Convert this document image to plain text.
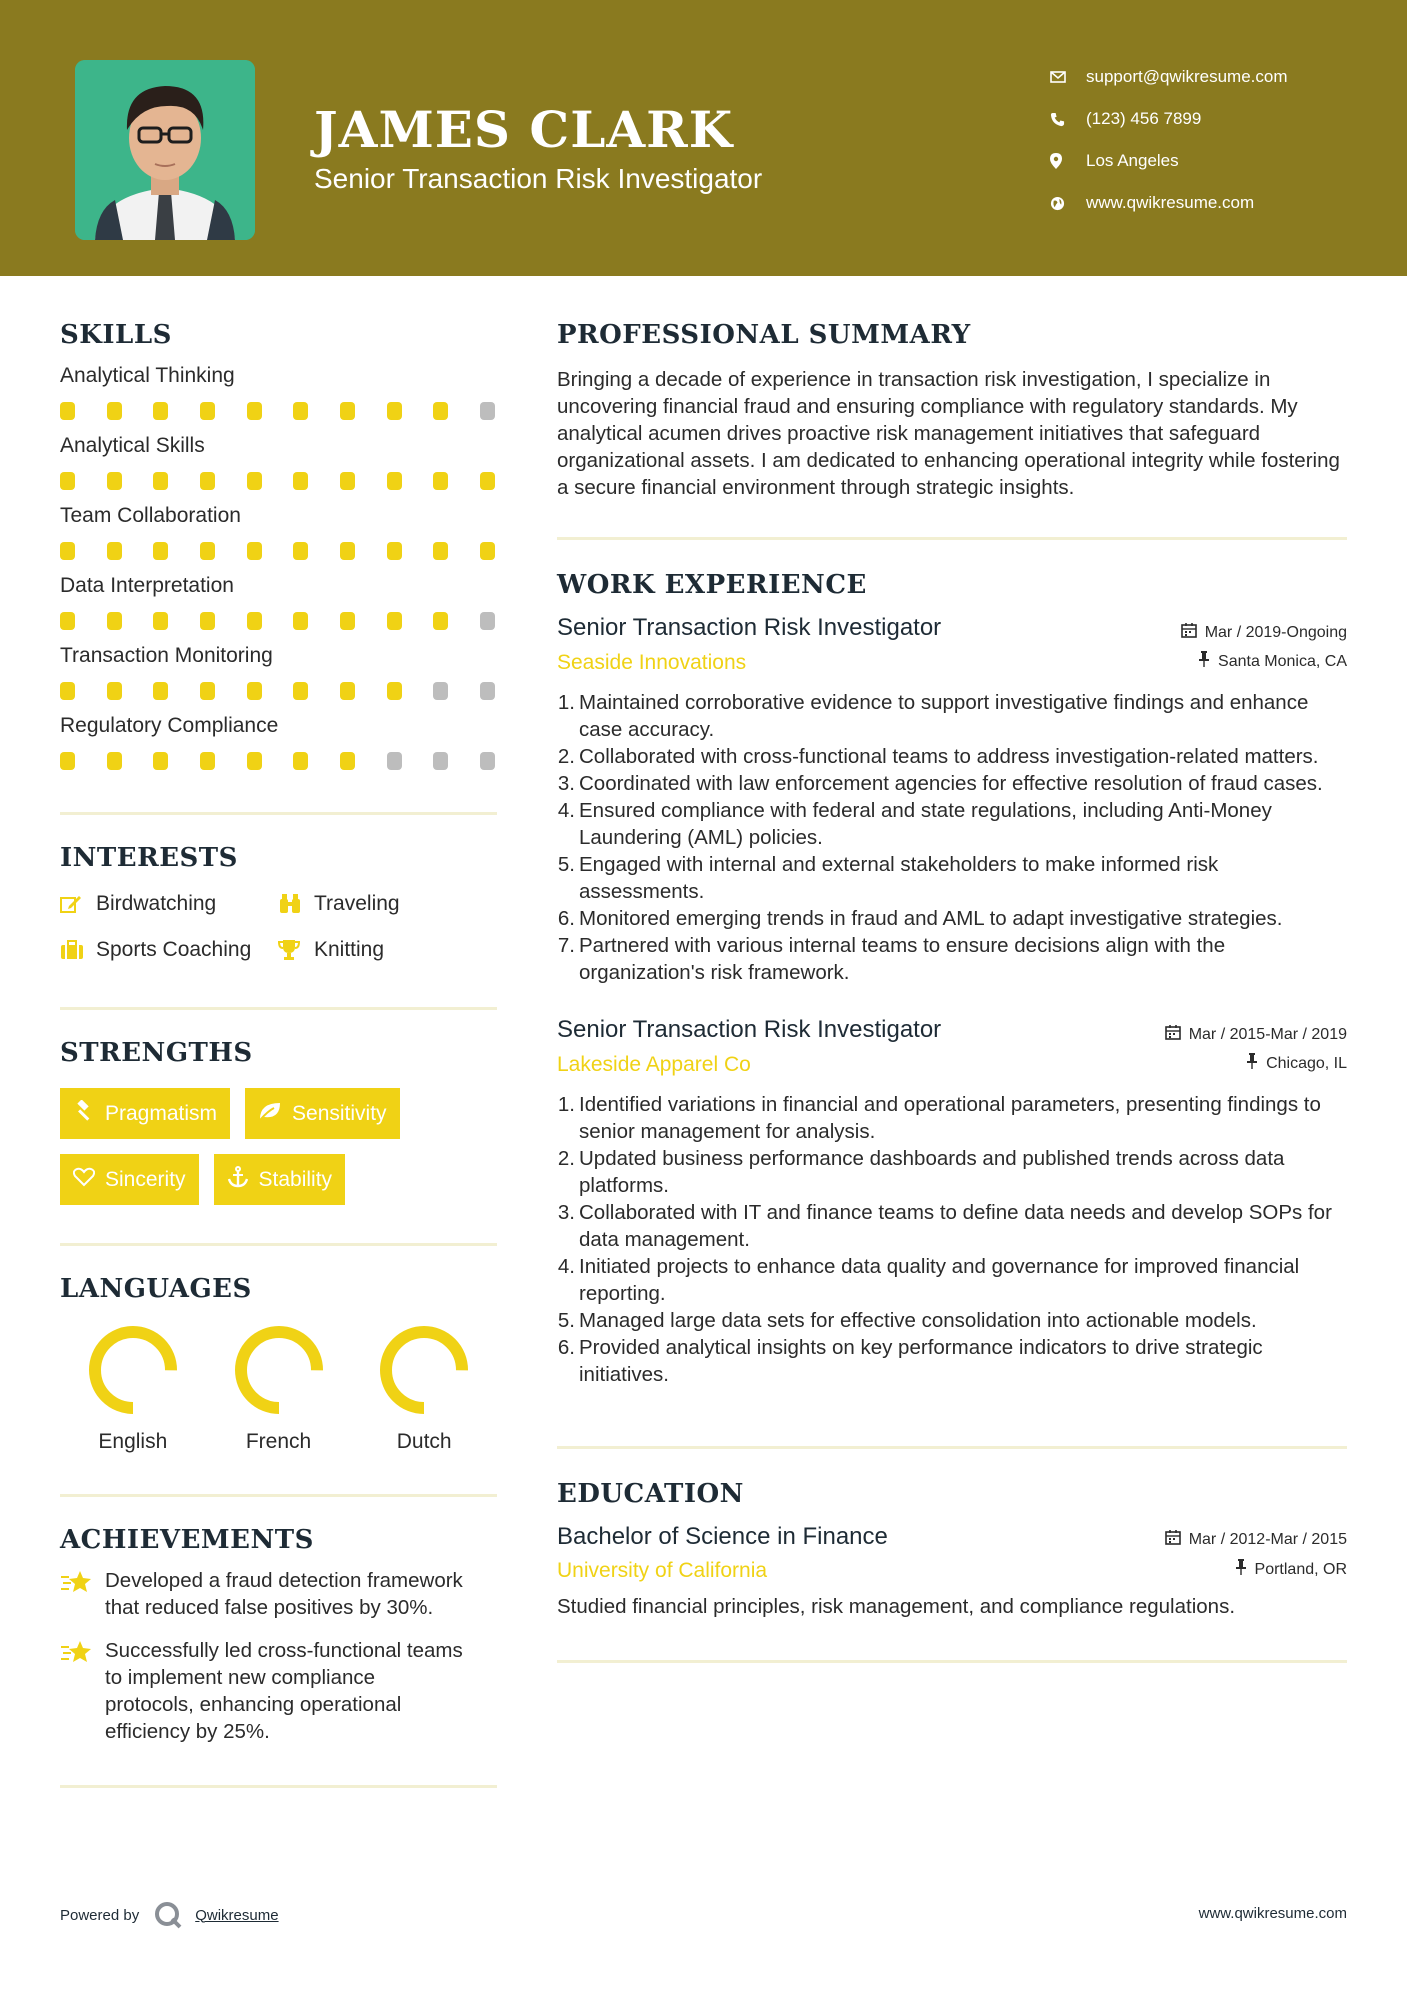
JAMES CLARK
Senior Transaction Risk Investigator
support@qwikresume.com
(123) 456 7899
Los Angeles
www.qwikresume.com
SKILLS
Analytical Thinking
Analytical Skills
Team Collaboration
Data Interpretation
Transaction Monitoring
Regulatory Compliance
INTERESTS
Birdwatching	Traveling
Sports Coaching	Knitting
STRENGTHS
Pragmatism	Sensitivity
Sincerity	Stability
LANGUAGES
English	French	Dutch
ACHIEVEMENTS
Developed a fraud detection framework that reduced false positives by 30%.
Successfully led cross-functional teams to implement new compliance protocols, enhancing operational efficiency by 25%.
PROFESSIONAL SUMMARY
Bringing a decade of experience in transaction risk investigation, I specialize in uncovering financial fraud and ensuring compliance with regulatory standards. My analytical acumen drives proactive risk management initiatives that safeguard organizational assets. I am dedicated to enhancing operational integrity while fostering a secure financial environment through strategic insights.
WORK EXPERIENCE
Senior Transaction Risk Investigator	Mar / 2019-Ongoing
Seaside Innovations	Santa Monica, CA
1. Maintained corroborative evidence to support investigative findings and enhance case accuracy.
2. Collaborated with cross-functional teams to address investigation-related matters.
3. Coordinated with law enforcement agencies for effective resolution of fraud cases.
4. Ensured compliance with federal and state regulations, including Anti-Money Laundering (AML) policies.
5. Engaged with internal and external stakeholders to make informed risk assessments.
6. Monitored emerging trends in fraud and AML to adapt investigative strategies.
7. Partnered with various internal teams to ensure decisions align with the organization's risk framework.
Senior Transaction Risk Investigator	Mar / 2015-Mar / 2019
Lakeside Apparel Co	Chicago, IL
1. Identified variations in financial and operational parameters, presenting findings to senior management for analysis.
2. Updated business performance dashboards and published trends across data platforms.
3. Collaborated with IT and finance teams to define data needs and develop SOPs for data management.
4. Initiated projects to enhance data quality and governance for improved financial reporting.
5. Managed large data sets for effective consolidation into actionable models.
6. Provided analytical insights on key performance indicators to drive strategic initiatives.
EDUCATION
Bachelor of Science in Finance	Mar / 2012-Mar / 2015
University of California	Portland, OR
Studied financial principles, risk management, and compliance regulations.
Powered by	Qwikresume	www.qwikresume.com
